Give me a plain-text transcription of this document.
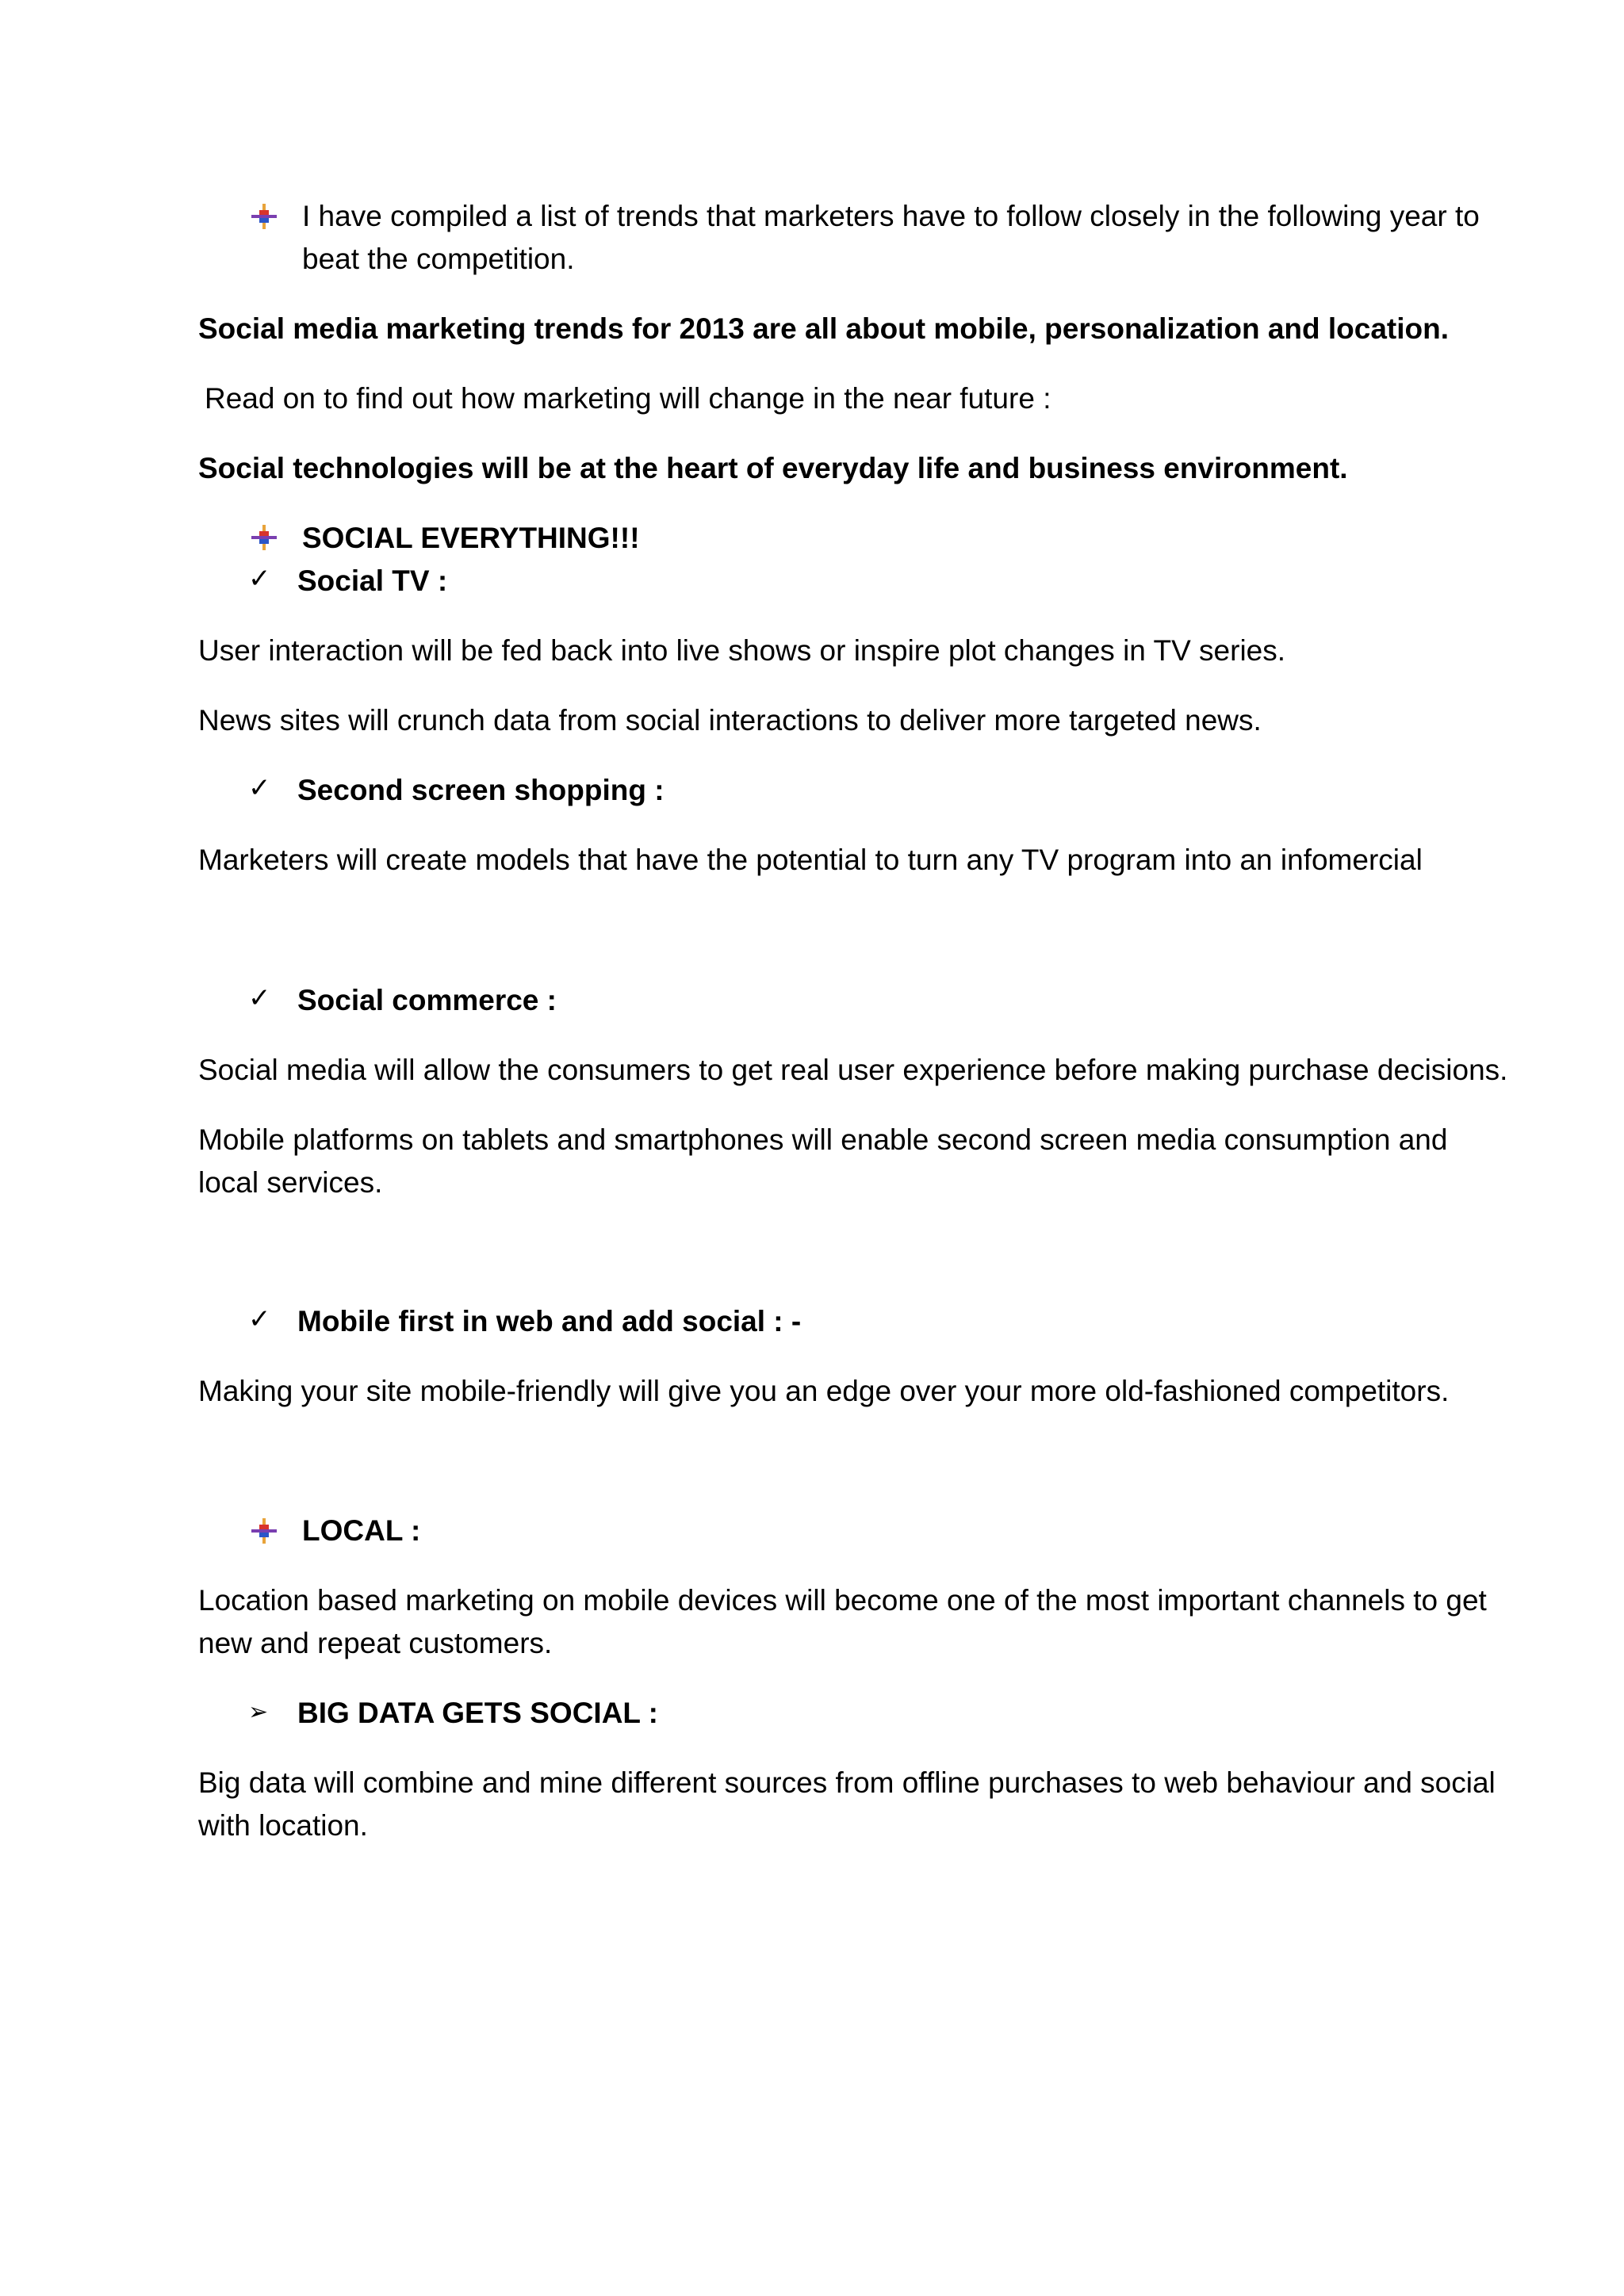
I have compiled a list of trends that marketers have to follow closely in the following year to

beat the competition.

Social media marketing trends for 2013 are all about mobile, personalization and location.

Read on to find out how marketing will change in the near future :

Social technologies will be at the heart of everyday life and business environment.

SOCIAL EVERYTHING!!!

✓ Social TV :

User interaction will be fed back into live shows or inspire plot changes in TV series.

News sites will crunch data from social interactions to deliver more targeted news.

✓ Second screen shopping :

Marketers will create models that have the potential to turn any TV program into an infomercial

✓ Social commerce :

Social media will allow the consumers to get real user experience before making purchase decisions.

Mobile platforms on tablets and smartphones will enable second screen media consumption and

local services.

✓ Mobile first in web and add social : -

Making your site mobile-friendly will give you an edge over your more old-fashioned competitors.

LOCAL :

Location based marketing on mobile devices will become one of the most important channels to get

new and repeat customers.

➢ BIG DATA GETS SOCIAL :

Big data will combine and mine different sources from offline purchases to web behaviour and social

with location.
